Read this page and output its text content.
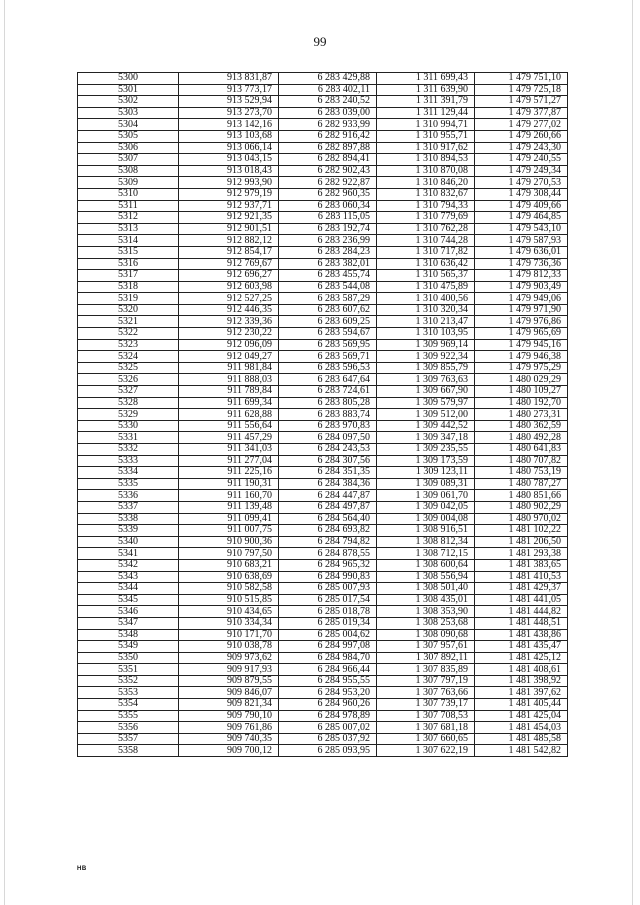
99
5300	913 831,87	6 283 429,88	1 311 699,43	1 479 751,10
5301	913 773,17	6 283 402,11	1 311 639,90	1 479 725,18
5302	913 529,94	6 283 240,52	1 311 391,79	1 479 571,27
5303	913 273,70	6 283 039,00	1 311 129,44	1 479 377,87
5304	913 142,16	6 282 933,99	1 310 994,71	1 479 277,02
5305	913 103,68	6 282 916,42	1 310 955,71	1 479 260,66
5306	913 066,14	6 282 897,88	1 310 917,62	1 479 243,30
5307	913 043,15	6 282 894,41	1 310 894,53	1 479 240,55
5308	913 018,43	6 282 902,43	1 310 870,08	1 479 249,34
5309	912 993,90	6 282 922,87	1 310 846,20	1 479 270,53
5310	912 979,19	6 282 960,35	1 310 832,67	1 479 308,44
5311	912 937,71	6 283 060,34	1 310 794,33	1 479 409,66
5312	912 921,35	6 283 115,05	1 310 779,69	1 479 464,85
5313	912 901,51	6 283 192,74	1 310 762,28	1 479 543,10
5314	912 882,12	6 283 236,99	1 310 744,28	1 479 587,93
5315	912 854,17	6 283 284,23	1 310 717,82	1 479 636,01
5316	912 769,67	6 283 382,01	1 310 636,42	1 479 736,36
5317	912 696,27	6 283 455,74	1 310 565,37	1 479 812,33
5318	912 603,98	6 283 544,08	1 310 475,89	1 479 903,49
5319	912 527,25	6 283 587,29	1 310 400,56	1 479 949,06
5320	912 446,35	6 283 607,62	1 310 320,34	1 479 971,90
5321	912 339,36	6 283 609,25	1 310 213,47	1 479 976,86
5322	912 230,22	6 283 594,67	1 310 103,95	1 479 965,69
5323	912 096,09	6 283 569,95	1 309 969,14	1 479 945,16
5324	912 049,27	6 283 569,71	1 309 922,34	1 479 946,38
5325	911 981,84	6 283 596,53	1 309 855,79	1 479 975,29
5326	911 888,03	6 283 647,64	1 309 763,63	1 480 029,29
5327	911 789,84	6 283 724,61	1 309 667,90	1 480 109,27
5328	911 699,34	6 283 805,28	1 309 579,97	1 480 192,70
5329	911 628,88	6 283 883,74	1 309 512,00	1 480 273,31
5330	911 556,64	6 283 970,83	1 309 442,52	1 480 362,59
5331	911 457,29	6 284 097,50	1 309 347,18	1 480 492,28
5332	911 341,03	6 284 243,53	1 309 235,55	1 480 641,83
5333	911 277,04	6 284 307,56	1 309 173,59	1 480 707,82
5334	911 225,16	6 284 351,35	1 309 123,11	1 480 753,19
5335	911 190,31	6 284 384,36	1 309 089,31	1 480 787,27
5336	911 160,70	6 284 447,87	1 309 061,70	1 480 851,66
5337	911 139,48	6 284 497,87	1 309 042,05	1 480 902,29
5338	911 099,41	6 284 564,40	1 309 004,08	1 480 970,02
5339	911 007,75	6 284 693,82	1 308 916,51	1 481 102,22
5340	910 900,36	6 284 794,82	1 308 812,34	1 481 206,50
5341	910 797,50	6 284 878,55	1 308 712,15	1 481 293,38
5342	910 683,21	6 284 965,32	1 308 600,64	1 481 383,65
5343	910 638,69	6 284 990,83	1 308 556,94	1 481 410,53
5344	910 582,58	6 285 007,93	1 308 501,40	1 481 429,37
5345	910 515,85	6 285 017,54	1 308 435,01	1 481 441,05
5346	910 434,65	6 285 018,78	1 308 353,90	1 481 444,82
5347	910 334,34	6 285 019,34	1 308 253,68	1 481 448,51
5348	910 171,70	6 285 004,62	1 308 090,68	1 481 438,86
5349	910 038,78	6 284 997,08	1 307 957,61	1 481 435,47
5350	909 973,62	6 284 984,70	1 307 892,11	1 481 425,12
5351	909 917,93	6 284 966,44	1 307 835,89	1 481 408,61
5352	909 879,55	6 284 955,55	1 307 797,19	1 481 398,92
5353	909 846,07	6 284 953,20	1 307 763,66	1 481 397,62
5354	909 821,34	6 284 960,26	1 307 739,17	1 481 405,44
5355	909 790,10	6 284 978,89	1 307 708,53	1 481 425,04
5356	909 761,86	6 285 007,02	1 307 681,18	1 481 454,03
5357	909 740,35	6 285 037,92	1 307 660,65	1 481 485,58
5358	909 700,12	6 285 093,95	1 307 622,19	1 481 542,82
HB
